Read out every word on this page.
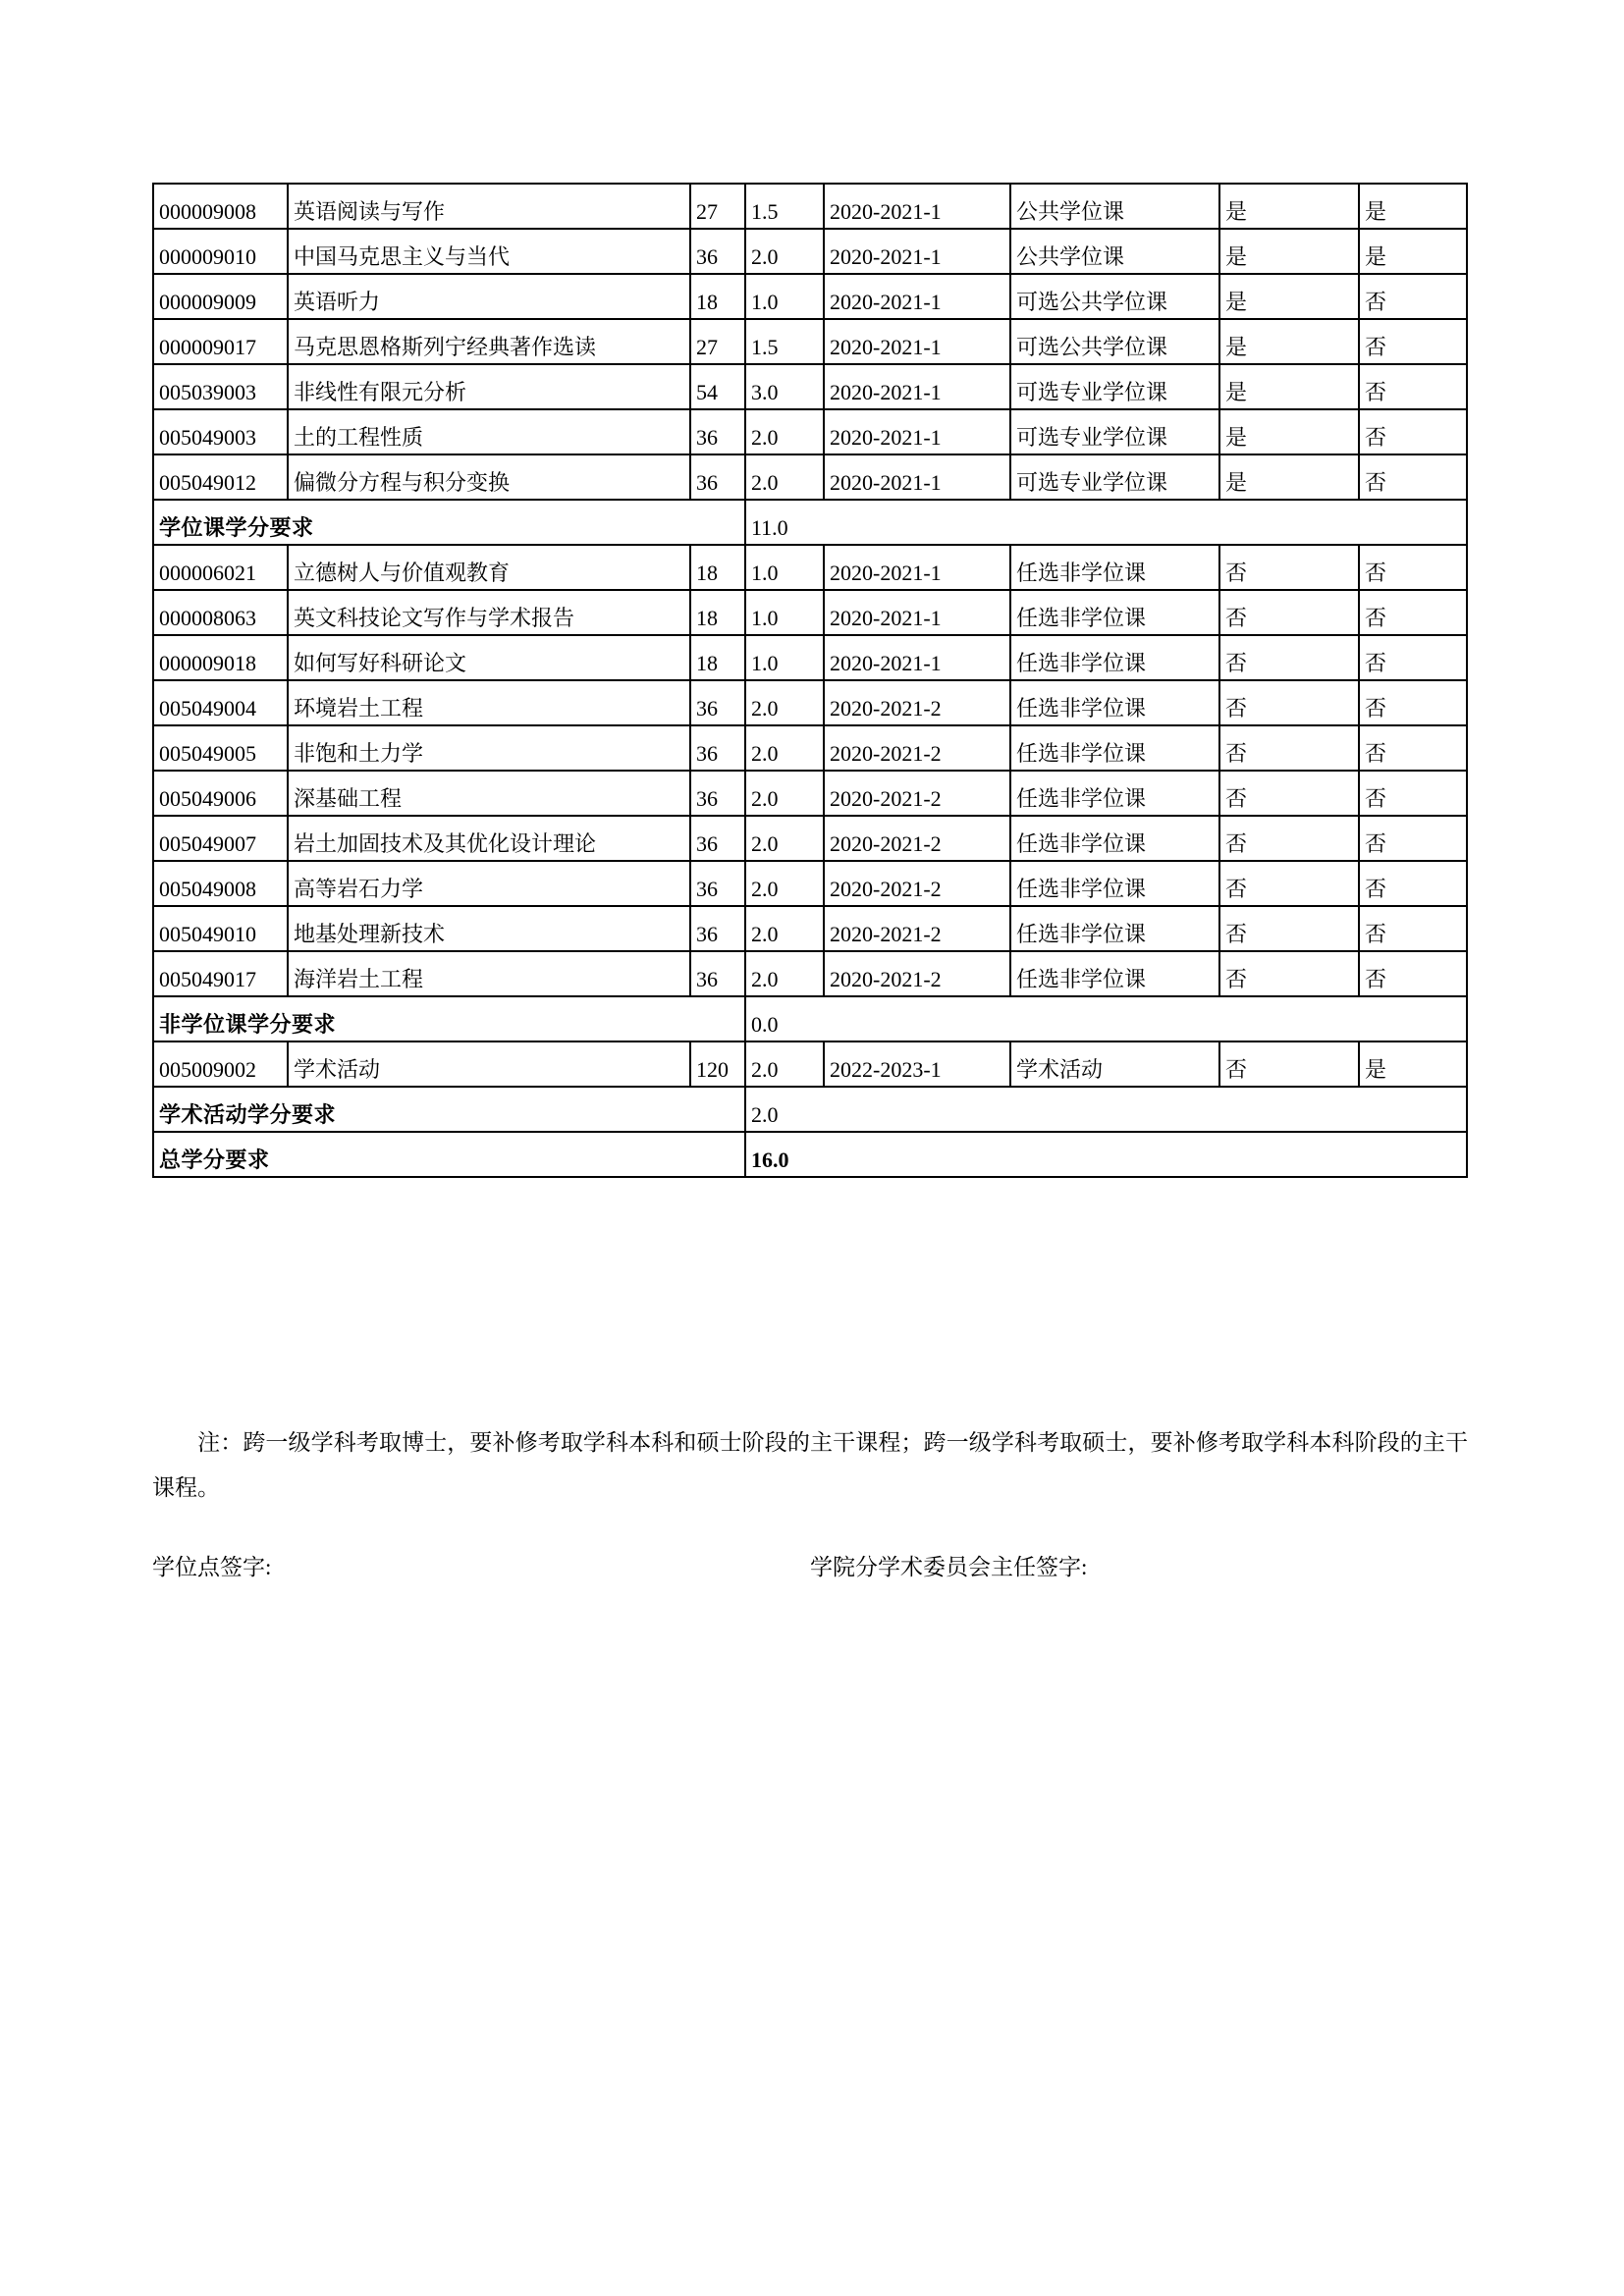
000009008	英语阅读与写作	27	1.5	2020-2021-1	公共学位课	是	是
000009010	中国马克思主义与当代	36	2.0	2020-2021-1	公共学位课	是	是
000009009	英语听力	18	1.0	2020-2021-1	可选公共学位课	是	否
000009017	马克思恩格斯列宁经典著作选读	27	1.5	2020-2021-1	可选公共学位课	是	否
005039003	非线性有限元分析	54	3.0	2020-2021-1	可选专业学位课	是	否
005049003	土的工程性质	36	2.0	2020-2021-1	可选专业学位课	是	否
005049012	偏微分方程与积分变换	36	2.0	2020-2021-1	可选专业学位课	是	否
学位课学分要求			11.0				
000006021	立德树人与价值观教育	18	1.0	2020-2021-1	任选非学位课	否	否
000008063	英文科技论文写作与学术报告	18	1.0	2020-2021-1	任选非学位课	否	否
000009018	如何写好科研论文	18	1.0	2020-2021-1	任选非学位课	否	否
005049004	环境岩土工程	36	2.0	2020-2021-2	任选非学位课	否	否
005049005	非饱和土力学	36	2.0	2020-2021-2	任选非学位课	否	否
005049006	深基础工程	36	2.0	2020-2021-2	任选非学位课	否	否
005049007	岩土加固技术及其优化设计理论	36	2.0	2020-2021-2	任选非学位课	否	否
005049008	高等岩石力学	36	2.0	2020-2021-2	任选非学位课	否	否
005049010	地基处理新技术	36	2.0	2020-2021-2	任选非学位课	否	否
005049017	海洋岩土工程	36	2.0	2020-2021-2	任选非学位课	否	否
非学位课学分要求			0.0				
005009002	学术活动	120	2.0	2022-2023-1	学术活动	否	是
学术活动学分要求			2.0				
总学分要求			16.0				
注：跨一级学科考取博士，要补修考取学科本科和硕士阶段的主干课程；跨一级学科考取硕士，要补修考取学科本科阶段的主干课程。
学位点签字:	学院分学术委员会主任签字:
